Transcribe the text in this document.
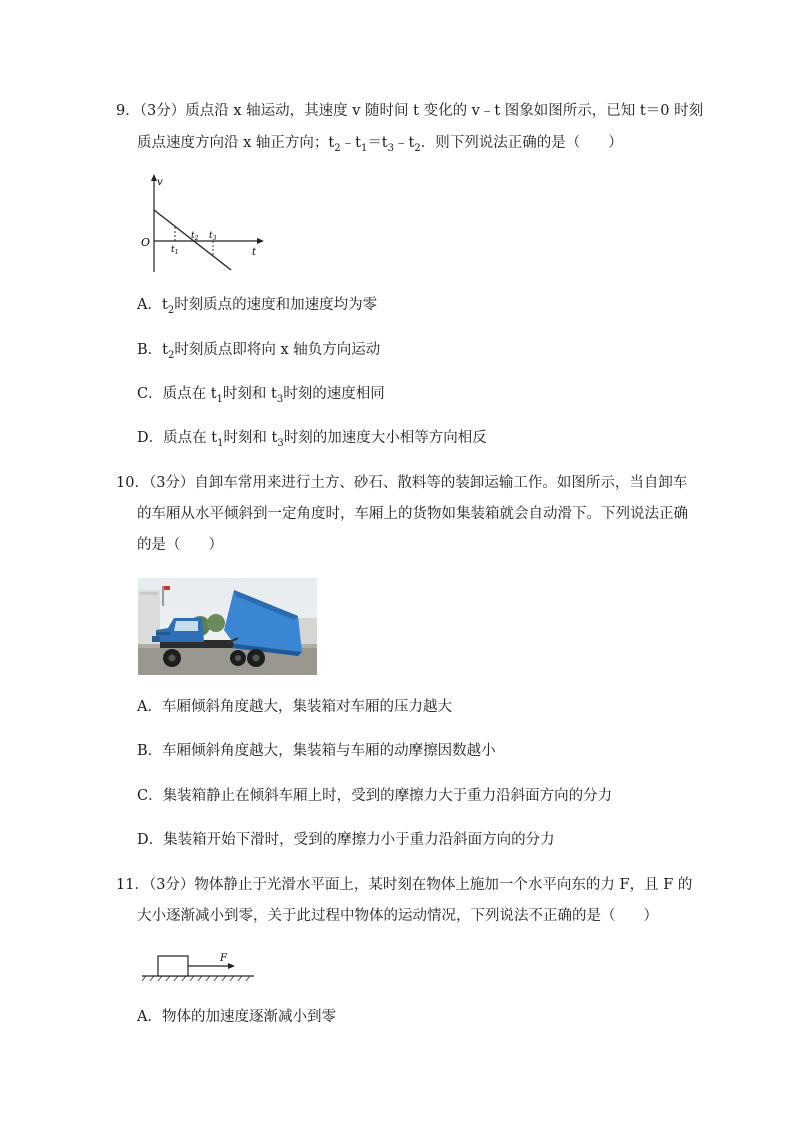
9．（3分）质点沿 x 轴运动，其速度 v 随时间 t 变化的 v﹣t 图象如图所示，已知 t＝0 时刻
质点速度方向沿 x 轴正方向；$t_2﹣t_1=t_3﹣t_2$．则下列说法正确的是（ ）
v
O
t
$t_1$
$t_2$ $t_3$
A．$t_2$时刻质点的速度和加速度均为零
B．$t_2$时刻质点即将向 x 轴负方向运动
C．质点在 $t_1$时刻和 $t_3$时刻的速度相同
D．质点在 $t_1$时刻和 $t_3$时刻的加速度大小相等方向相反
10．（3分）自卸车常用来进行土方、砂石、散料等的装卸运输工作。如图所示，当自卸车
的车厢从水平倾斜到一定角度时，车厢上的货物如集装箱就会自动滑下。下列说法正确
的是（ ）
A．车厢倾斜角度越大，集装箱对车厢的压力越大
B．车厢倾斜角度越大，集装箱与车厢的动摩擦因数越小
C．集装箱静止在倾斜车厢上时，受到的摩擦力大于重力沿斜面方向的分力
D．集装箱开始下滑时，受到的摩擦力小于重力沿斜面方向的分力
11．（3分）物体静止于光滑水平面上，某时刻在物体上施加一个水平向东的力 F，且 F 的
大小逐渐减小到零，关于此过程中物体的运动情况，下列说法不正确的是（ ）
F
A．物体的加速度逐渐减小到零
